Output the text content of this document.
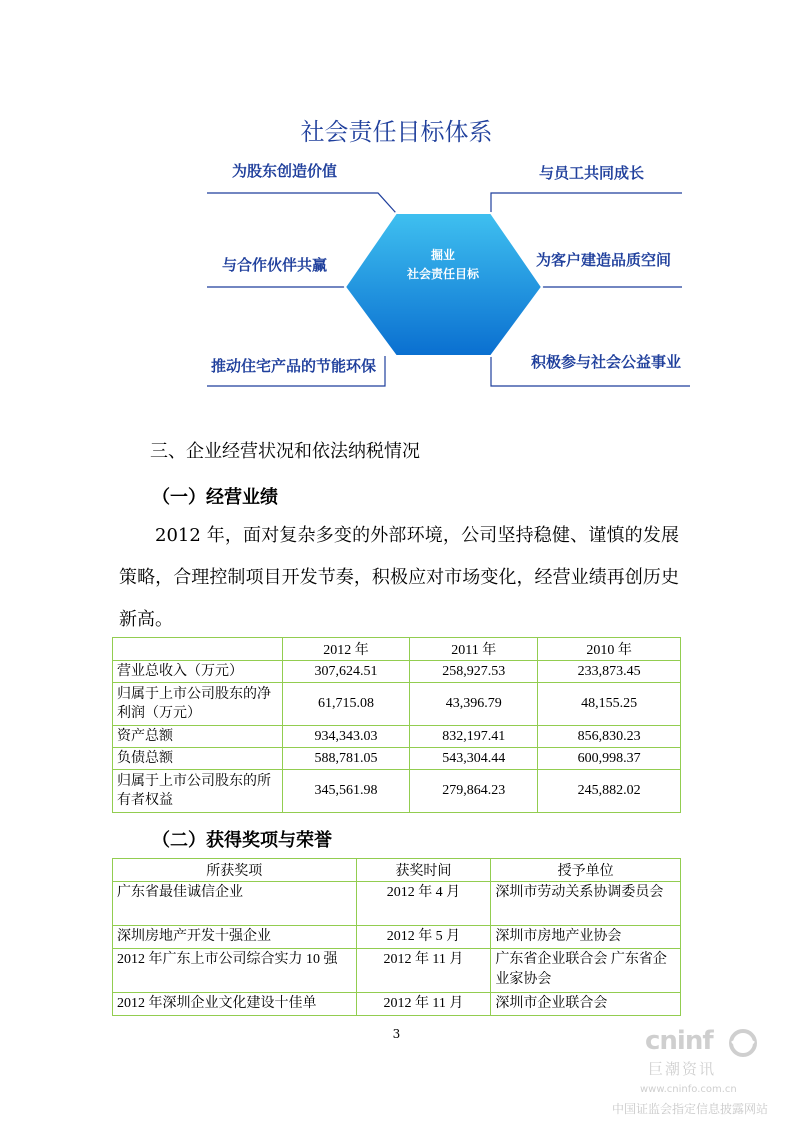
社会责任目标体系
为股东创造价值
与合作伙伴共赢
推动住宅产品的节能环保
与员工共同成长
为客户建造品质空间
积极参与社会公益事业
掘业
社会责任目标
三、企业经营状况和依法纳税情况
（一）经营业绩
2012 年，面对复杂多变的外部环境，公司坚持稳健、谨慎的发展策略，合理控制项目开发节奏，积极应对市场变化，经营业绩再创历史新高。
	2012 年	2011 年	2010 年
营业总收入（万元）	307,624.51	258,927.53	233,873.45
归属于上市公司股东的净利润（万元）	61,715.08	43,396.79	48,155.25
资产总额	934,343.03	832,197.41	856,830.23
负债总额	588,781.05	543,304.44	600,998.37
归属于上市公司股东的所有者权益	345,561.98	279,864.23	245,882.02
（二）获得奖项与荣誉
所获奖项	获奖时间	授予单位
广东省最佳诚信企业	2012 年 4 月	深圳市劳动关系协调委员会
深圳房地产开发十强企业	2012 年 5 月	深圳市房地产业协会
2012 年广东上市公司综合实力 10 强	2012 年 11 月	广东省企业联合会 广东省企业家协会
2012 年深圳企业文化建设十佳单	2012 年 11 月	深圳市企业联合会
3	cninf
巨潮资讯
www.cninfo.com.cn
中国证监会指定信息披露网站
